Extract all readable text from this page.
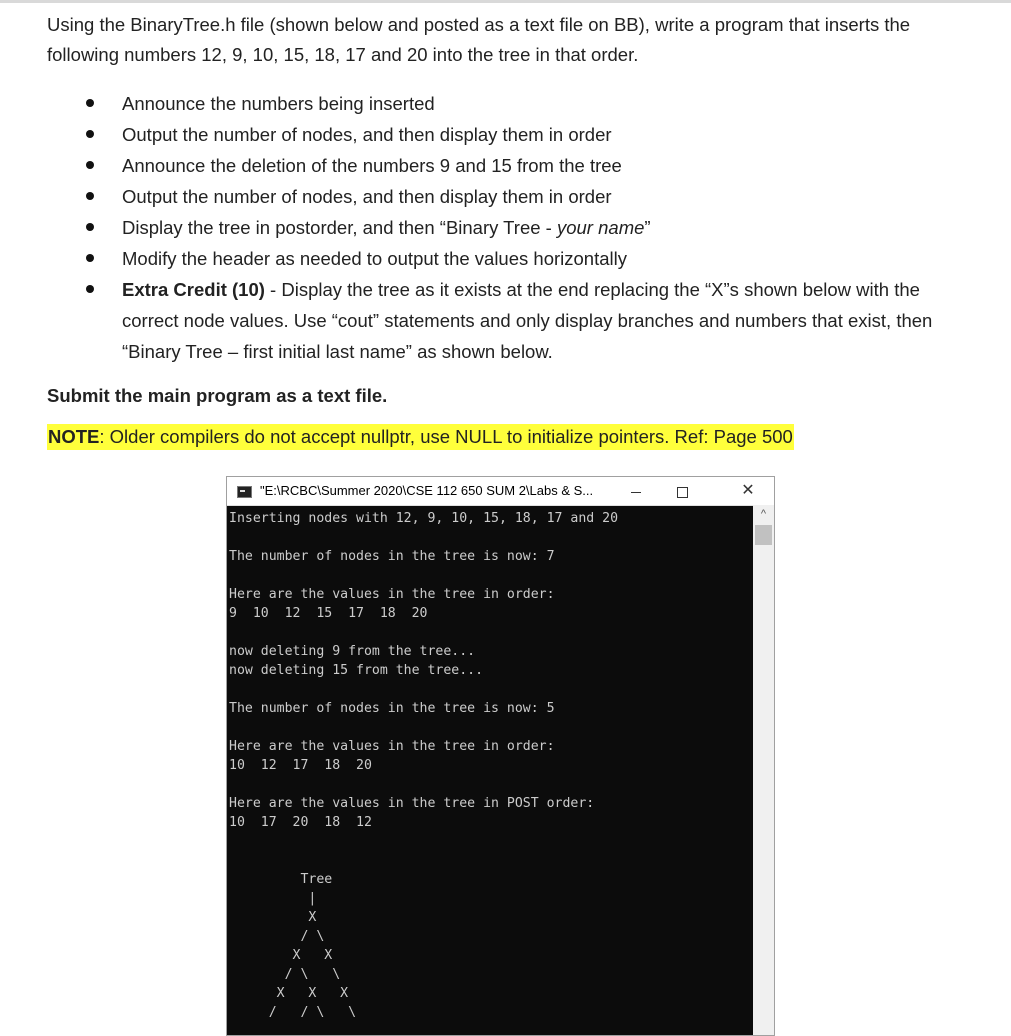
Using the BinaryTree.h file (shown below and posted as a text file on BB), write a program that inserts the following numbers 12, 9, 10, 15, 18, 17 and 20 into the tree in that order.

Announce the numbers being inserted
Output the number of nodes, and then display them in order
Announce the deletion of the numbers 9 and 15 from the tree
Output the number of nodes, and then display them in order
Display the tree in postorder, and then “Binary Tree - your name”
Modify the header as needed to output the values horizontally
Extra Credit (10) - Display the tree as it exists at the end replacing the “X”s shown below with the correct node values. Use “cout” statements and only display branches and numbers that exist, then “Binary Tree – first initial last name” as shown below.

Submit the main program as a text file.

NOTE: Older compilers do not accept nullptr, use NULL to initialize pointers. Ref: Page 500

"E:\RCBC\Summer 2020\CSE 112 650 SUM 2\Labs & S...	✕
Inserting nodes with 12, 9, 10, 15, 18, 17 and 20

The number of nodes in the tree is now: 7

Here are the values in the tree in order:
9  10  12  15  17  18  20

now deleting 9 from the tree...
now deleting 15 from the tree...

The number of nodes in the tree is now: 5

Here are the values in the tree in order:
10  12  17  18  20

Here are the values in the tree in POST order:
10  17  20  18  12

Tree
|
X
/ \
X   X
/ \   \
X   X   X
/   / \   \
^
